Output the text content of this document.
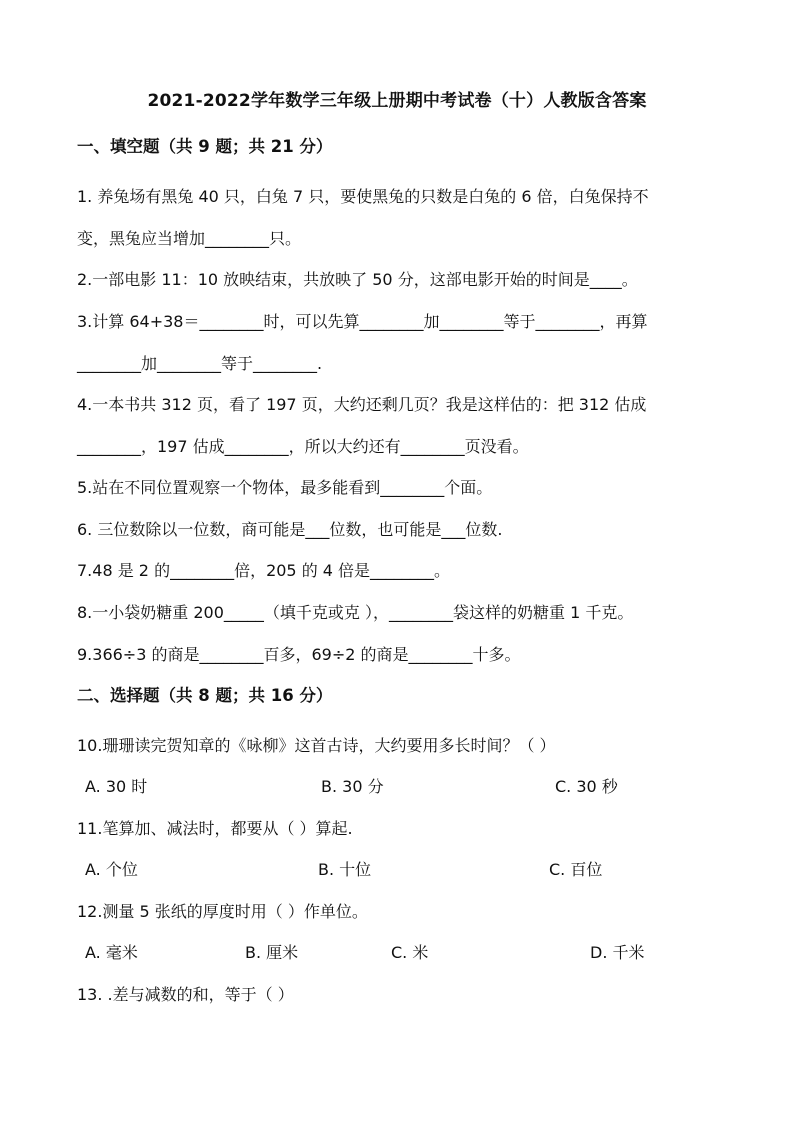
2021-2022学年数学三年级上册期中考试卷（十）人教版含答案
一、填空题（共 9 题；共 21 分）
1. 养兔场有黑兔 40 只，白兔 7 只，要使黑兔的只数是白兔的 6 倍，白兔保持不
变，黑兔应当增加________只。
2.一部电影 11：10 放映结束，共放映了 50 分，这部电影开始的时间是____。
3.计算 64+38＝________时，可以先算________加________等于________，再算
________加________等于________.
4.一本书共 312 页，看了 197 页，大约还剩几页？我是这样估的：把 312 估成
________，197 估成________，所以大约还有________页没看。
5.站在不同位置观察一个物体，最多能看到________个面。
6. 三位数除以一位数，商可能是___位数，也可能是___位数.
7.48 是 2 的________倍，205 的 4 倍是________。
8.一小袋奶糖重 200_____（填千克或克 ），________袋这样的奶糖重 1 千克。
9.366÷3 的商是________百多，69÷2 的商是________十多。
二、选择题（共 8 题；共 16 分）
10.珊珊读完贺知章的《咏柳》这首古诗，大约要用多长时间？（ ）
A. 30 时	B. 30 分	C. 30 秒
11.笔算加、减法时，都要从（ ）算起.
A. 个位	B. 十位	C. 百位
12.测量 5 张纸的厚度时用（ ）作单位。
A. 毫米	B. 厘米	C. 米	D. 千米
13. .差与减数的和，等于（ ）
